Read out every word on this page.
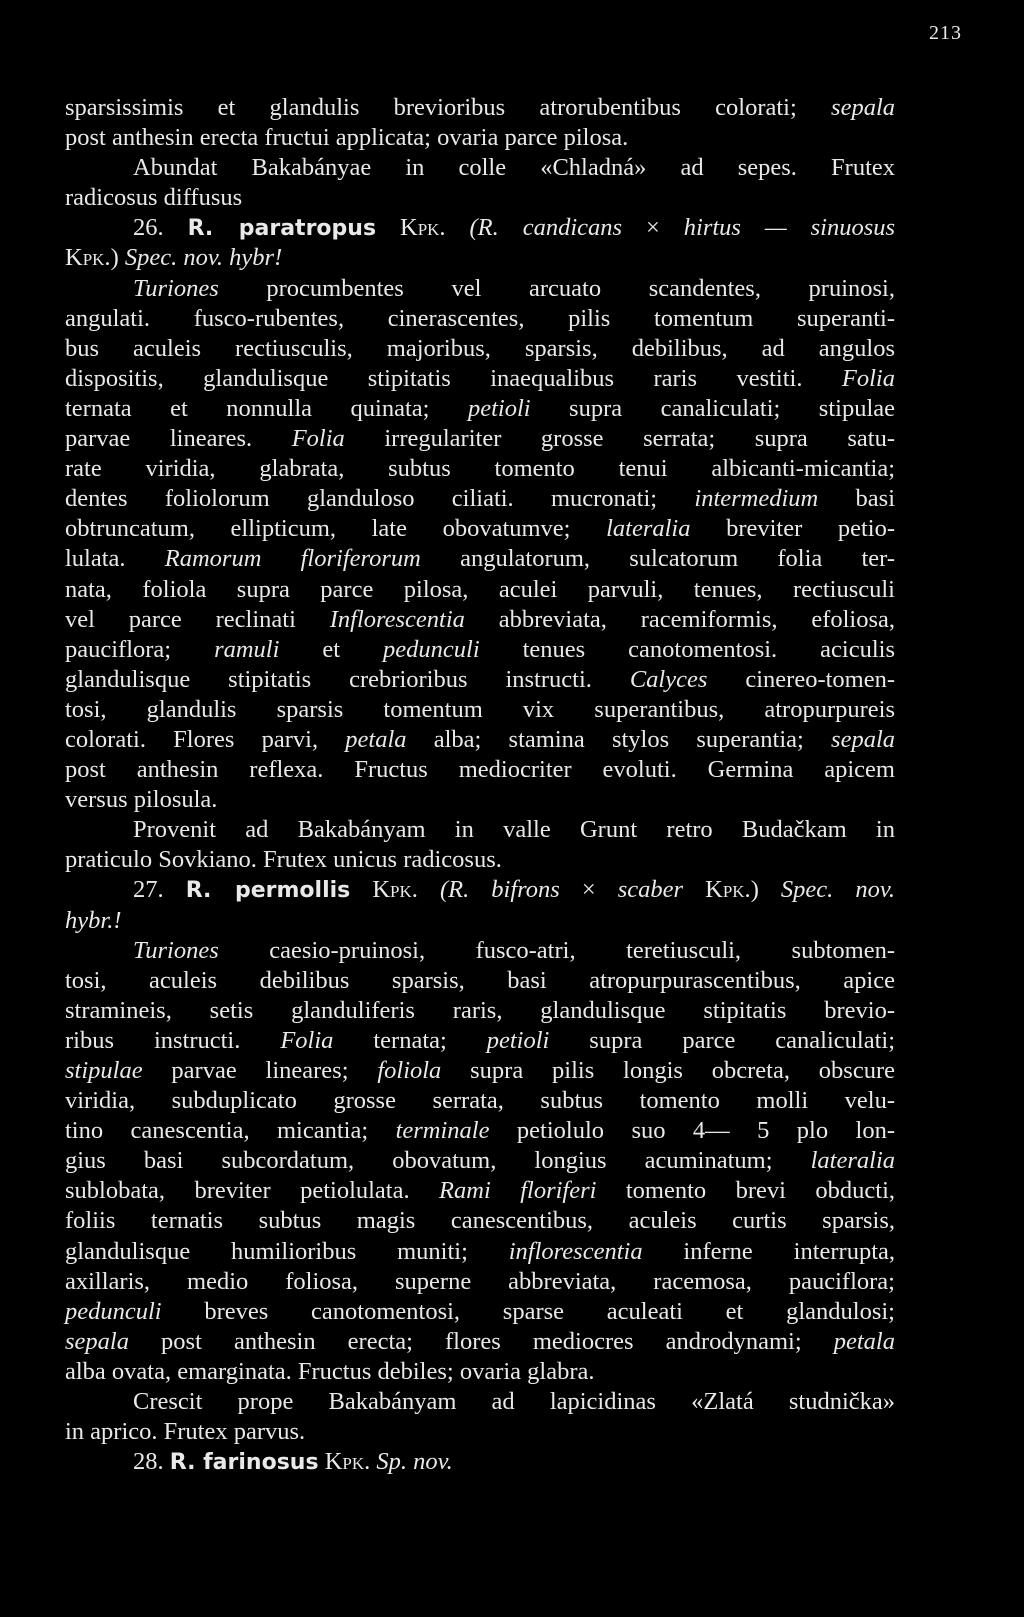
213
sparsissimis et glandulis brevioribus atrorubentibus colorati; sepala
post anthesin erecta fructui applicata; ovaria parce pilosa.
Abundat Bakabányae in colle «Chladná» ad sepes. Frutex
radicosus diffusus
26. R. paratropus Kpk. (R. candicans × hirtus — sinuosus
Kpk.) Spec. nov. hybr!
Turiones procumbentes vel arcuato scandentes, pruinosi,
angulati. fusco-rubentes, cinerascentes, pilis tomentum superanti-
bus aculeis rectiusculis, majoribus, sparsis, debilibus, ad angulos
dispositis, glandulisque stipitatis inaequalibus raris vestiti. Folia
ternata et nonnulla quinata; petioli supra canaliculati; stipulae
parvae lineares. Folia irregulariter grosse serrata; supra satu-
rate viridia, glabrata, subtus tomento tenui albicanti-micantia;
dentes foliolorum glanduloso ciliati. mucronati; intermedium basi
obtruncatum, ellipticum, late obovatumve; lateralia breviter petio-
lulata. Ramorum floriferorum angulatorum, sulcatorum folia ter-
nata, foliola supra parce pilosa, aculei parvuli, tenues, rectiusculi
vel parce reclinati Inflorescentia abbreviata, racemiformis, efoliosa,
pauciflora; ramuli et pedunculi tenues canotomentosi. aciculis
glandulisque stipitatis crebrioribus instructi. Calyces cinereo-tomen-
tosi, glandulis sparsis tomentum vix superantibus, atropurpureis
colorati. Flores parvi, petala alba; stamina stylos superantia; sepala
post anthesin reflexa. Fructus mediocriter evoluti. Germina apicem
versus pilosula.
Provenit ad Bakabányam in valle Grunt retro Budačkam in
praticulo Sovkiano. Frutex unicus radicosus.
27. R. permollis Kpk. (R. bifrons × scaber Kpk.) Spec. nov.
hybr.!
Turiones caesio-pruinosi, fusco-atri, teretiusculi, subtomen-
tosi, aculeis debilibus sparsis, basi atropurpurascentibus, apice
stramineis, setis glanduliferis raris, glandulisque stipitatis brevio-
ribus instructi. Folia ternata; petioli supra parce canaliculati;
stipulae parvae lineares; foliola supra pilis longis obcreta, obscure
viridia, subduplicato grosse serrata, subtus tomento molli velu-
tino canescentia, micantia; terminale petiolulo suo 4— 5 plo lon-
gius basi subcordatum, obovatum, longius acuminatum; lateralia
sublobata, breviter petiolulata. Rami floriferi tomento brevi obducti,
foliis ternatis subtus magis canescentibus, aculeis curtis sparsis,
glandulisque humilioribus muniti; inflorescentia inferne interrupta,
axillaris, medio foliosa, superne abbreviata, racemosa, pauciflora;
pedunculi breves canotomentosi, sparse aculeati et glandulosi;
sepala post anthesin erecta; flores mediocres androdynami; petala
alba ovata, emarginata. Fructus debiles; ovaria glabra.
Crescit prope Bakabányam ad lapicidinas «Zlatá studnička»
in aprico. Frutex parvus.
28. R. farinosus Kpk. Sp. nov.
